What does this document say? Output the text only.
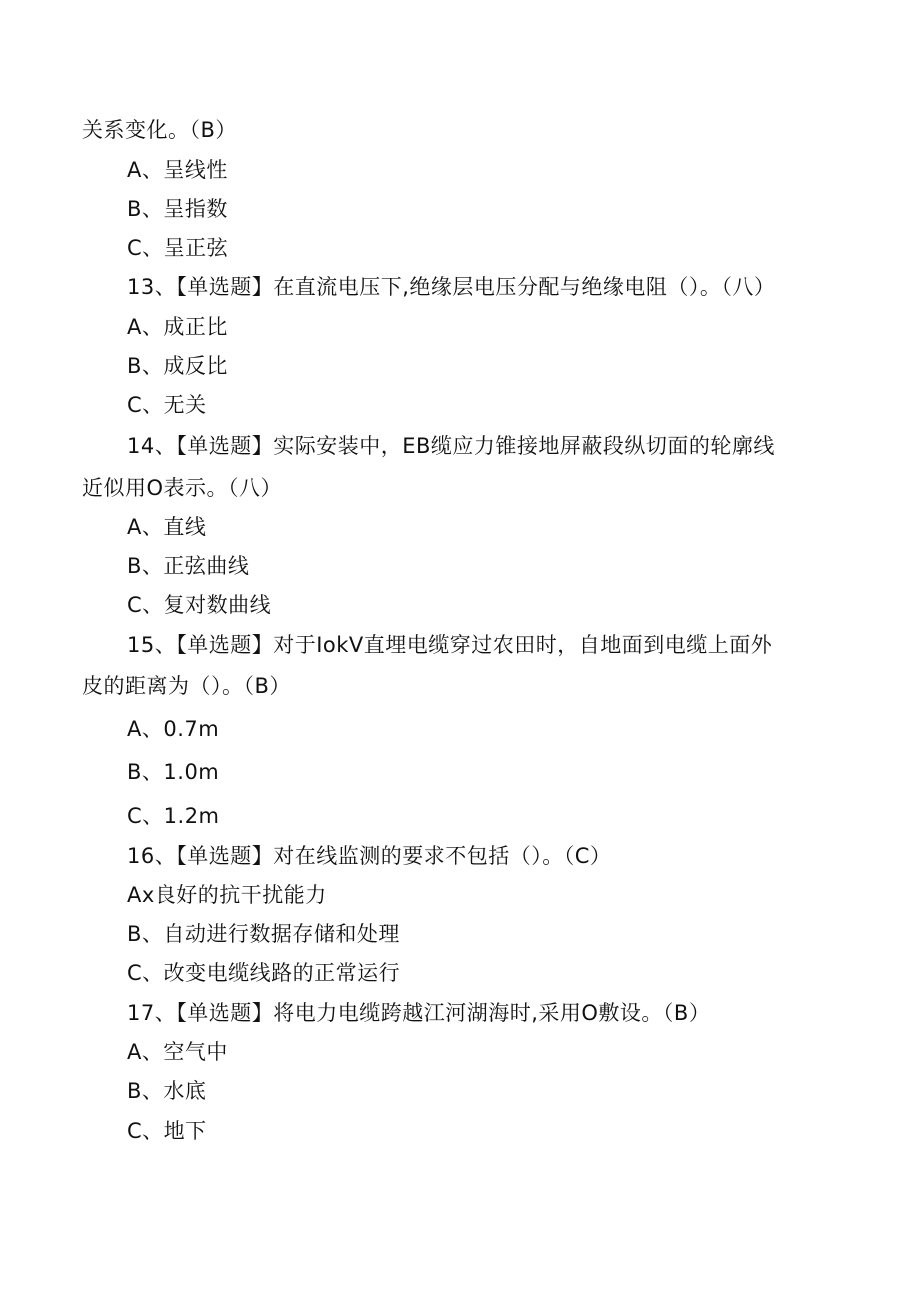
关系变化。（B）
A、呈线性
B、呈指数
C、呈正弦
13、【单选题】在直流电压下,绝缘层电压分配与绝缘电阻（）。（八）
A、成正比
B、成反比
C、无关
14、【单选题】实际安装中，EB缆应力锥接地屏蔽段纵切面的轮廓线
近似用O表示。（八）
A、直线
B、正弦曲线
C、复对数曲线
15、【单选题】对于IokV直埋电缆穿过农田时，自地面到电缆上面外
皮的距离为（）。（B）
A、0.7m
B、1.0m
C、1.2m
16、【单选题】对在线监测的要求不包括（）。（C）
Ax良好的抗干扰能力
B、自动进行数据存储和处理
C、改变电缆线路的正常运行
17、【单选题】将电力电缆跨越江河湖海时,采用O敷设。（B）
A、空气中
B、水底
C、地下
